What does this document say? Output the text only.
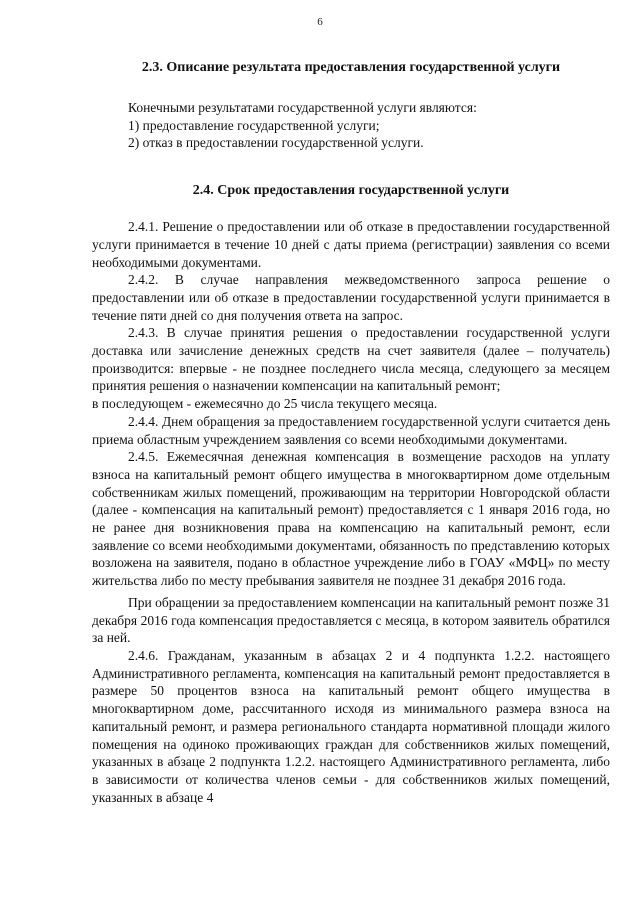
6
2.3. Описание результата предоставления государственной услуги

Конечными результатами государственной услуги являются:

1) предоставление государственной услуги;

2) отказ в предоставлении государственной услуги.

2.4. Срок предоставления государственной услуги

2.4.1. Решение о предоставлении или об отказе в предоставлении государственной услуги принимается в течение 10 дней с даты приема (регистрации) заявления со всеми необходимыми документами.

2.4.2. В случае направления межведомственного запроса решение о предоставлении или об отказе в предоставлении государственной услуги принимается в течение пяти дней со дня получения ответа на запрос.

2.4.3. В случае принятия решения о предоставлении государственной услуги доставка или зачисление денежных средств на счет заявителя (далее – получатель) производится: впервые - не позднее последнего числа месяца, следующего за месяцем принятия решения о назначении компенсации на капитальный ремонт;

в последующем - ежемесячно до 25 числа текущего месяца.

2.4.4. Днем обращения за предоставлением государственной услуги считается день приема областным учреждением заявления со всеми необходимыми документами.

2.4.5. Ежемесячная денежная компенсация в возмещение расходов на уплату взноса на капитальный ремонт общего имущества в многоквартирном доме отдельным собственникам жилых помещений, проживающим на территории Новгородской области (далее - компенсация на капитальный ремонт) предоставляется с 1 января 2016 года, но не ранее дня возникновения права на компенсацию на капитальный ремонт, если заявление со всеми необходимыми документами, обязанность по представлению которых возложена на заявителя, подано в областное учреждение либо в ГОАУ «МФЦ» по месту жительства либо по месту пребывания заявителя не позднее 31 декабря 2016 года.

При обращении за предоставлением компенсации на капитальный ремонт позже 31 декабря 2016 года компенсация предоставляется с месяца, в котором заявитель обратился за ней.

2.4.6. Гражданам, указанным в абзацах 2 и 4 подпункта 1.2.2. настоящего Административного регламента, компенсация на капитальный ремонт предоставляется в размере 50 процентов взноса на капитальный ремонт общего имущества в многоквартирном доме, рассчитанного исходя из минимального размера взноса на капитальный ремонт, и размера регионального стандарта нормативной площади жилого помещения на одиноко проживающих граждан для собственников жилых помещений, указанных в абзаце 2 подпункта 1.2.2. настоящего Административного регламента, либо в зависимости от количества членов семьи - для собственников жилых помещений, указанных в абзаце 4
